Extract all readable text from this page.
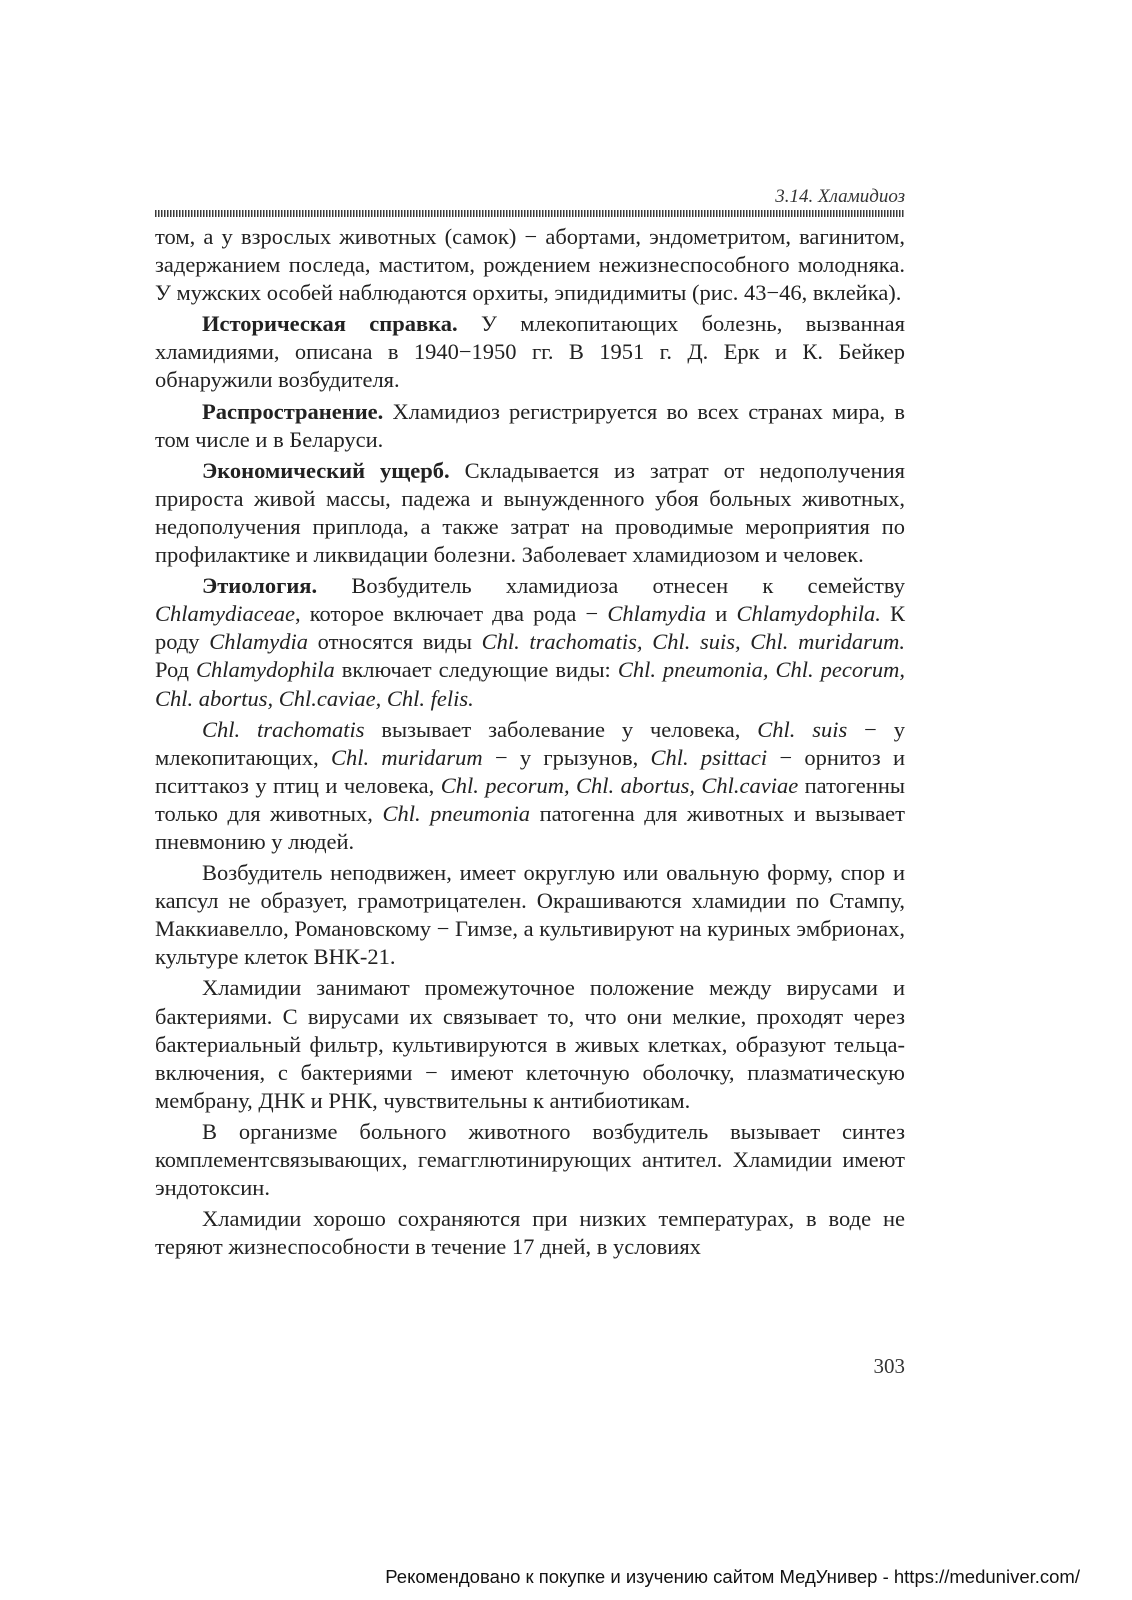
3.14. Хламидиоз

том, а у взрослых животных (самок) − абортами, эндометритом, вагинитом, задержанием последа, маститом, рождением нежизнеспособного молодняка. У мужских особей наблюдаются орхиты, эпидидимиты (рис. 43−46, вклейка).

Историческая справка. У млекопитающих болезнь, вызванная хламидиями, описана в 1940−1950 гг. В 1951 г. Д. Ерк и К. Бейкер обнаружили возбудителя.

Распространение. Хламидиоз регистрируется во всех странах мира, в том числе и в Беларуси.

Экономический ущерб. Складывается из затрат от недополучения прироста живой массы, падежа и вынужденного убоя больных животных, недополучения приплода, а также затрат на проводимые мероприятия по профилактике и ликвидации болезни. Заболевает хламидиозом и человек.

Этиология. Возбудитель хламидиоза отнесен к семейству Chlamydiaceae, которое включает два рода − Chlamydia и Chlamydophila. К роду Chlamydia относятся виды Chl. trachomatis, Chl. suis, Chl. muridarum. Род Chlamydophila включает следующие виды: Chl. pneumonia, Chl. pecorum, Chl. abortus, Chl.caviae, Chl. felis.

Chl. trachomatis вызывает заболевание у человека, Chl. suis − у млекопитающих, Chl. muridarum − у грызунов, Chl. psittaci − орнитоз и пситтакоз у птиц и человека, Chl. pecorum, Chl. abortus, Chl.caviae патогенны только для животных, Chl. pneumonia патогенна для животных и вызывает пневмонию у людей.

Возбудитель неподвижен, имеет округлую или овальную форму, спор и капсул не образует, грамотрицателен. Окрашиваются хламидии по Стампу, Маккиавелло, Романовскому − Гимзе, а культивируют на куриных эмбрионах, культуре клеток ВНК-21.

Хламидии занимают промежуточное положение между вирусами и бактериями. С вирусами их связывает то, что они мелкие, проходят через бактериальный фильтр, культивируются в живых клетках, образуют тельца-включения, с бактериями − имеют клеточную оболочку, плазматическую мембрану, ДНК и РНК, чувствительны к антибиотикам.

В организме больного животного возбудитель вызывает синтез комплементсвязывающих, гемагглютинирующих антител. Хламидии имеют эндотоксин.

Хламидии хорошо сохраняются при низких температурах, в воде не теряют жизнеспособности в течение 17 дней, в условиях

303
Рекомендовано к покупке и изучению сайтом МедУнивер - https://meduniver.com/
